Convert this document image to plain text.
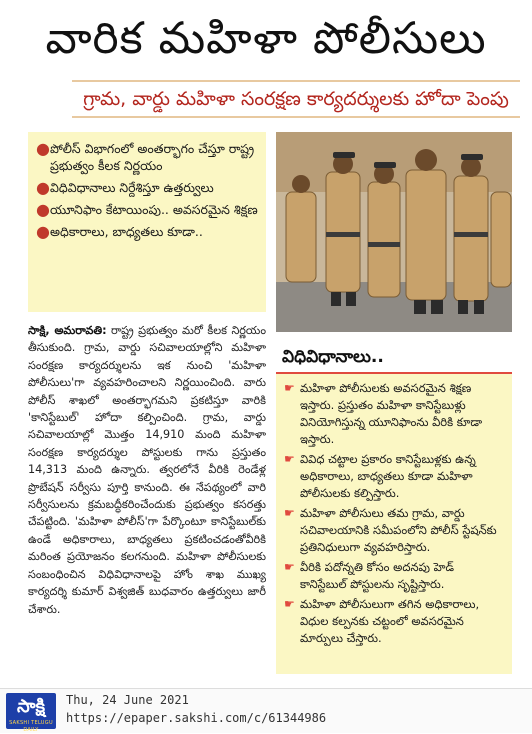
వారిక మహిళా పోలీసులు
గ్రామ, వార్డు మహిళా సంరక్షణ కార్యదర్శులకు హోదా పెంపు
● పోలీస్ విభాగంలో అంతర్భాగం చేస్తూ రాష్ట్ర ప్రభుత్వం కీలక నిర్ణయం
● విధివిధానాలు నిర్దేశిస్తూ ఉత్తర్వులు
● యూనిఫాం కేటాయింపు.. అవసరమైన శిక్షణ
● అధికారాలు, బాధ్యతలు కూడా..
విధివిధానాలు..
☛ మహిళా పోలీసులకు అవసరమైన శిక్షణ ఇస్తారు. ప్రస్తుతం మహిళా కానిస్టేబుళ్లు వినియోగిస్తున్న యూనిఫాంను వీరికి కూడా ఇస్తారు.
☛ వివిధ చట్టాల ప్రకారం కానిస్టేబుళ్లకు ఉన్న అధికారాలు, బాధ్యతలు కూడా మహిళా పోలీసులకు కల్పిస్తారు.
☛ మహిళా పోలీసులు తమ గ్రామ, వార్డు సచివాలయానికి సమీపంలోని పోలీస్ స్టేషన్‌కు ప్రతినిధులుగా వ్యవహరిస్తారు.
☛ వీరికి పదోన్నతి కోసం అదనపు హెడ్ కానిస్టేబుల్ పోస్టులను సృష్టిస్తారు.
☛ మహిళా పోలీసులుగా తగిన అధికారాలు, విధుల కల్పనకు చట్టంలో అవసరమైన మార్పులు చేస్తారు.
సాక్షి, అమరావతి: రాష్ట్ర ప్రభుత్వం మరో కీలక నిర్ణయం తీసుకుంది. గ్రామ, వార్డు సచివాలయాల్లోని మహిళా సంరక్షణ కార్యదర్శులను ఇక నుంచి 'మహిళా పోలీసులు'గా వ్యవహరించాలని నిర్ణయించింది. వారు పోలీస్ శాఖలో అంతర్భాగమని ప్రకటిస్తూ వారికి 'కానిస్టేబుల్' హోదా కల్పించింది. గ్రామ, వార్డు సచివాలయాల్లో మొత్తం 14,910 మంది మహిళా సంరక్షణ కార్యదర్శుల పోస్టులకు గాను ప్రస్తుతం 14,313 మంది ఉన్నారు. త్వరలోనే వీరికి రెండేళ్ల ప్రొబేషన్ సర్వీసు పూర్తి కానుంది. ఈ నేపథ్యంలో వారి సర్వీసులను క్రమబద్ధీకరించేందుకు ప్రభుత్వం కసరత్తు చేపట్టింది. 'మహిళా పోలీస్'గా పేర్కొంటూ కానిస్టేబుల్‌కు ఉండే అధికారాలు, బాధ్యతలు ప్రకటించడంతోవీరికి మరింత ప్రయోజనం కలగనుంది. మహిళా పోలీసులకు సంబంధించిన విధివిధానాలపై హోం శాఖ ముఖ్య కార్యదర్శి కుమార్ విశ్వజిత్ బుధవారం ఉత్తర్వులు జారీ చేశారు.
సాక్షి
SAKSHI TELUGU DAILY
Thu, 24 June 2021
https://epaper.sakshi.com/c/61344986
